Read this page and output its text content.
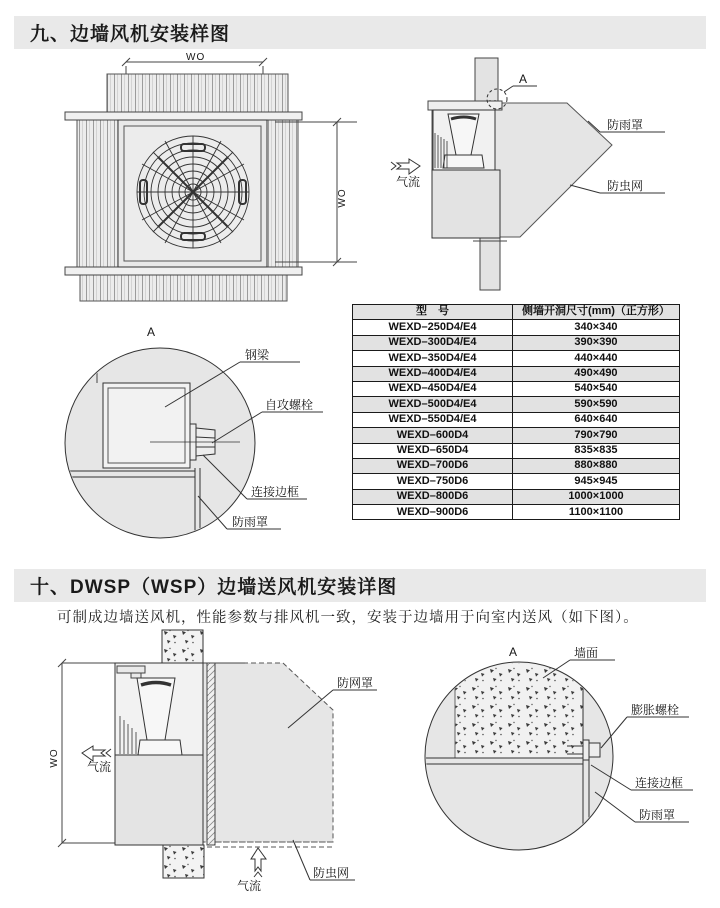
九、边墙风机安装样图
WO
WO
A
气流
防雨罩
防虫网
A
钢梁
自攻螺栓
连接边框
防雨罩
型　号	侧墙开洞尺寸(mm)（正方形）
WEXD–250D4/E4	340×340
WEXD–300D4/E4	390×390
WEXD–350D4/E4	440×440
WEXD–400D4/E4	490×490
WEXD–450D4/E4	540×540
WEXD–500D4/E4	590×590
WEXD–550D4/E4	640×640
WEXD–600D4	790×790
WEXD–650D4	835×835
WEXD–700D6	880×880
WEXD–750D6	945×945
WEXD–800D6	1000×1000
WEXD–900D6	1100×1100
十、DWSP（WSP）边墙送风机安装详图
可制成边墙送风机，性能参数与排风机一致，安装于边墙用于向室内送风（如下图）。
WO 气流
气流
防网罩
防虫网
A	墙面
膨胀螺栓
连接边框
防雨罩
